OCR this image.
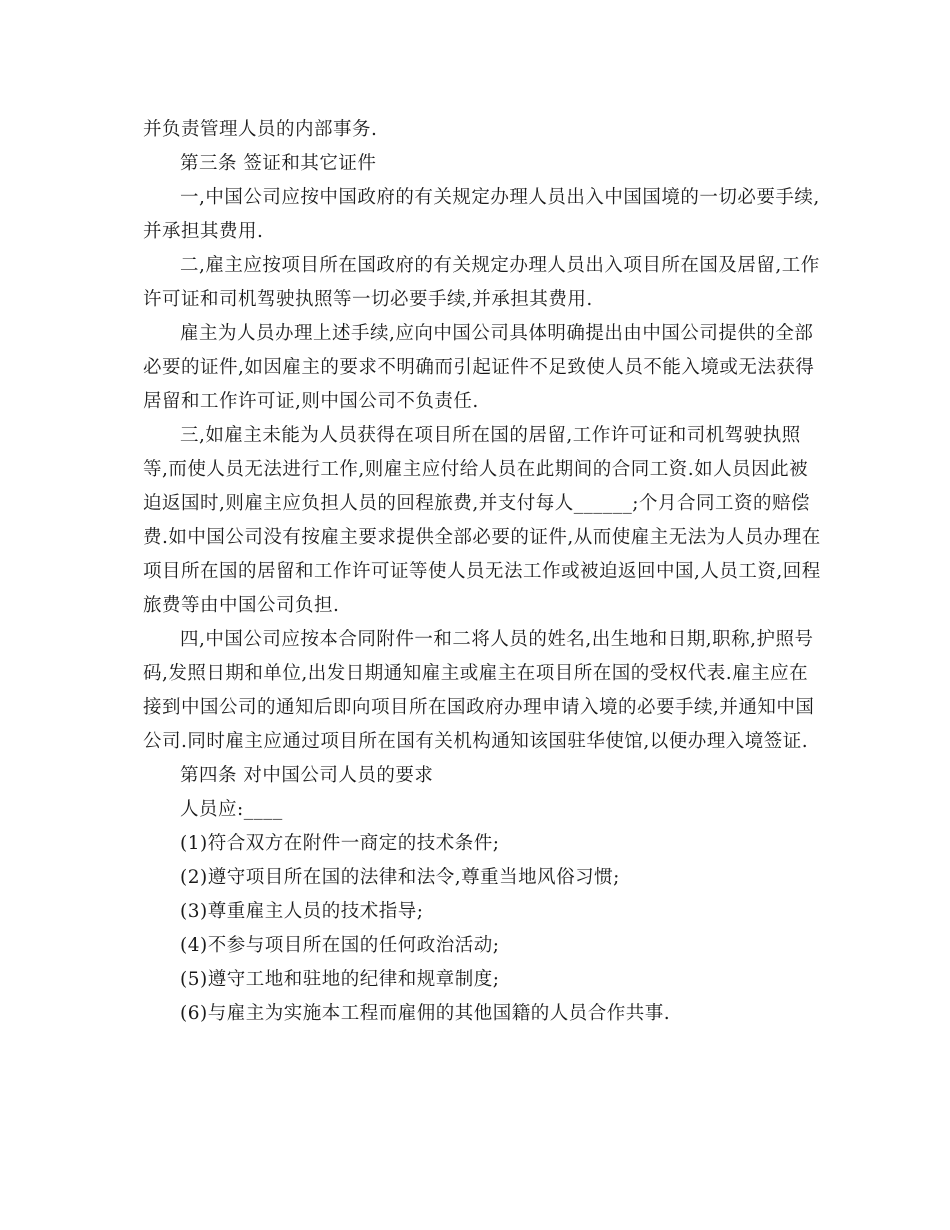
并负责管理人员的内部事务.
第三条 签证和其它证件
一,中国公司应按中国政府的有关规定办理人员出入中国国境的一切必要手续,
并承担其费用.
二,雇主应按项目所在国政府的有关规定办理人员出入项目所在国及居留,工作
许可证和司机驾驶执照等一切必要手续,并承担其费用.
雇主为人员办理上述手续,应向中国公司具体明确提出由中国公司提供的全部
必要的证件,如因雇主的要求不明确而引起证件不足致使人员不能入境或无法获得
居留和工作许可证,则中国公司不负责任.
三,如雇主未能为人员获得在项目所在国的居留,工作许可证和司机驾驶执照
等,而使人员无法进行工作,则雇主应付给人员在此期间的合同工资.如人员因此被
迫返国时,则雇主应负担人员的回程旅费,并支付每人______;个月合同工资的赔偿
费.如中国公司没有按雇主要求提供全部必要的证件,从而使雇主无法为人员办理在
项目所在国的居留和工作许可证等使人员无法工作或被迫返回中国,人员工资,回程
旅费等由中国公司负担.
四,中国公司应按本合同附件一和二将人员的姓名,出生地和日期,职称,护照号
码,发照日期和单位,出发日期通知雇主或雇主在项目所在国的受权代表.雇主应在
接到中国公司的通知后即向项目所在国政府办理申请入境的必要手续,并通知中国
公司.同时雇主应通过项目所在国有关机构通知该国驻华使馆,以便办理入境签证.
第四条 对中国公司人员的要求
人员应:____
(1)符合双方在附件一商定的技术条件;
(2)遵守项目所在国的法律和法令,尊重当地风俗习惯;
(3)尊重雇主人员的技术指导;
(4)不参与项目所在国的任何政治活动;
(5)遵守工地和驻地的纪律和规章制度;
(6)与雇主为实施本工程而雇佣的其他国籍的人员合作共事.
